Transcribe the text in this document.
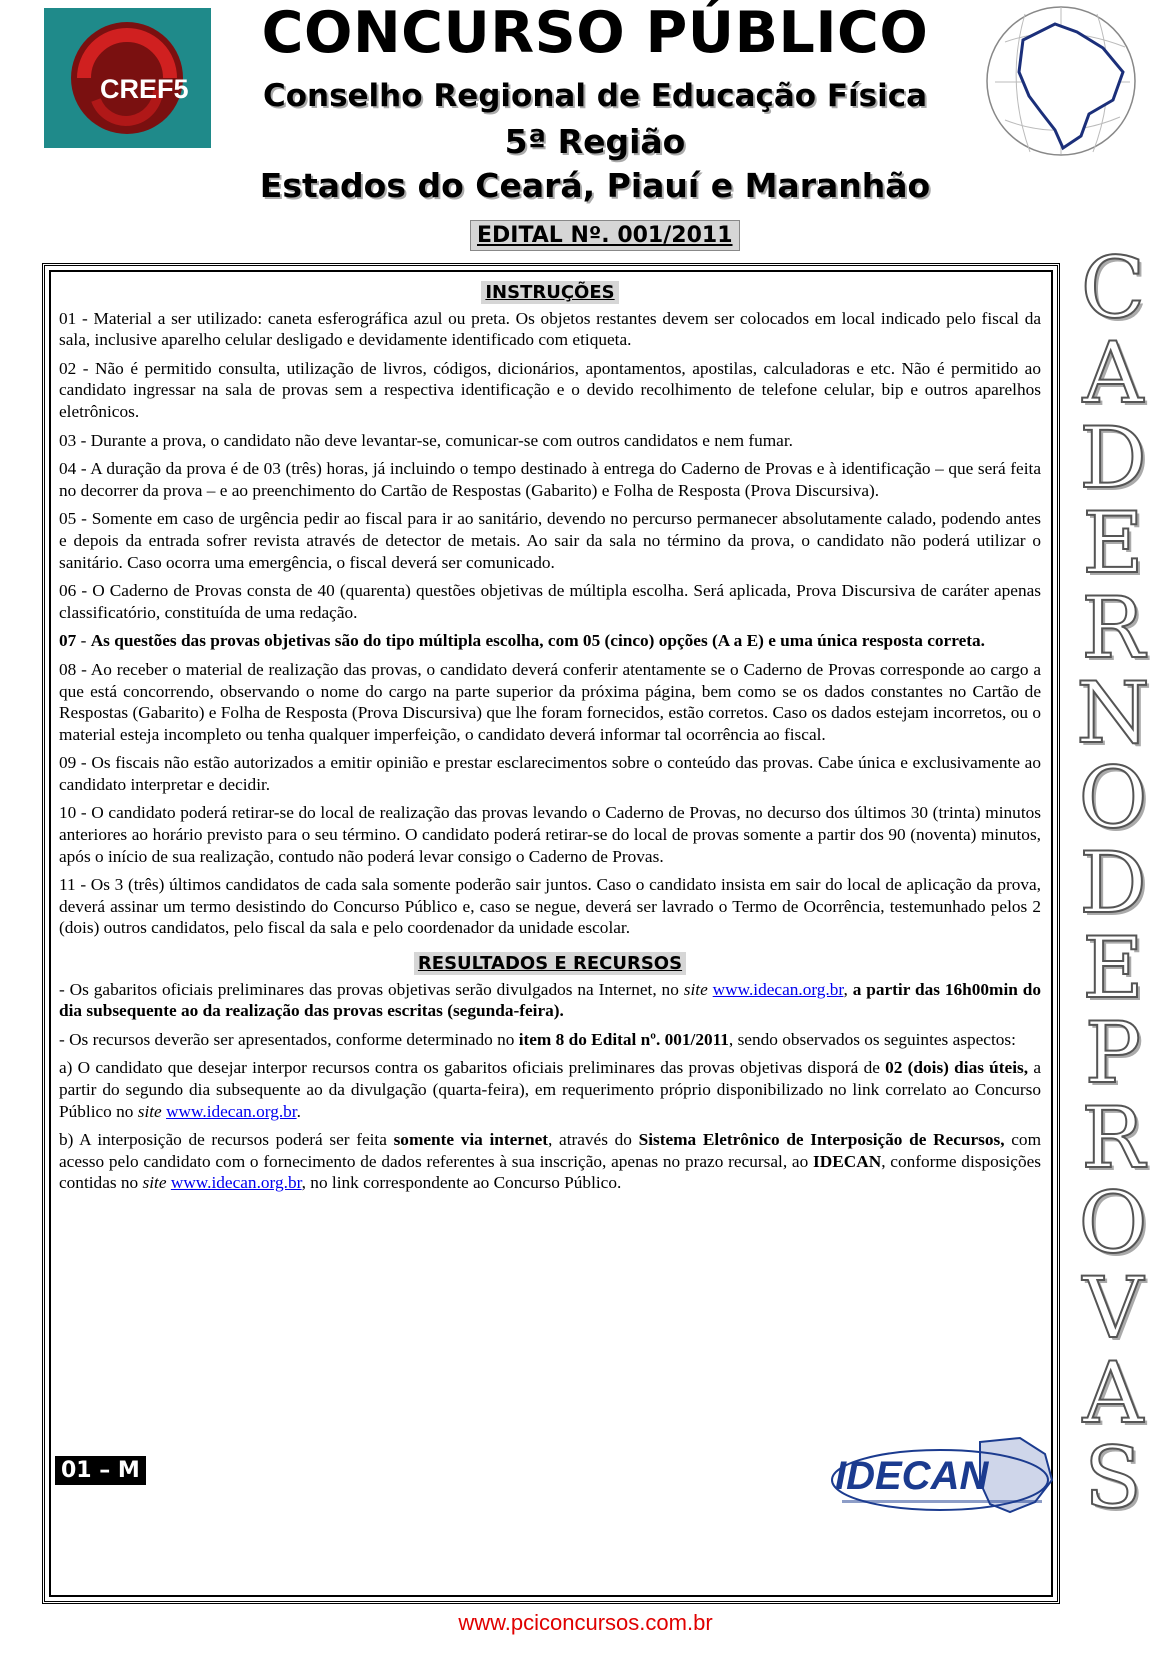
CREF5
CONCURSO PÚBLICO
Conselho Regional de Educação Física
5ª Região
Estados do Ceará, Piauí e Maranhão
EDITAL Nº. 001/2011
INSTRUÇÕES

01 - Material a ser utilizado: caneta esferográfica azul ou preta. Os objetos restantes devem ser colocados em local indicado pelo fiscal da sala, inclusive aparelho celular desligado e devidamente identificado com etiqueta.

02 - Não é permitido consulta, utilização de livros, códigos, dicionários, apontamentos, apostilas, calculadoras e etc. Não é permitido ao candidato ingressar na sala de provas sem a respectiva identificação e o devido recolhimento de telefone celular, bip e outros aparelhos eletrônicos.

03 - Durante a prova, o candidato não deve levantar-se, comunicar-se com outros candidatos e nem fumar.

04 - A duração da prova é de 03 (três) horas, já incluindo o tempo destinado à entrega do Caderno de Provas e à identificação – que será feita no decorrer da prova – e ao preenchimento do Cartão de Respostas (Gabarito) e Folha de Resposta (Prova Discursiva).

05 - Somente em caso de urgência pedir ao fiscal para ir ao sanitário, devendo no percurso permanecer absolutamente calado, podendo antes e depois da entrada sofrer revista através de detector de metais. Ao sair da sala no término da prova, o candidato não poderá utilizar o sanitário. Caso ocorra uma emergência, o fiscal deverá ser comunicado.

06 - O Caderno de Provas consta de 40 (quarenta) questões objetivas de múltipla escolha. Será aplicada, Prova Discursiva de caráter apenas classificatório, constituída de uma redação.

07 - As questões das provas objetivas são do tipo múltipla escolha, com 05 (cinco) opções (A a E) e uma única resposta correta.

08 - Ao receber o material de realização das provas, o candidato deverá conferir atentamente se o Caderno de Provas corresponde ao cargo a que está concorrendo, observando o nome do cargo na parte superior da próxima página, bem como se os dados constantes no Cartão de Respostas (Gabarito) e Folha de Resposta (Prova Discursiva) que lhe foram fornecidos, estão corretos. Caso os dados estejam incorretos, ou o material esteja incompleto ou tenha qualquer imperfeição, o candidato deverá informar tal ocorrência ao fiscal.

09 - Os fiscais não estão autorizados a emitir opinião e prestar esclarecimentos sobre o conteúdo das provas. Cabe única e exclusivamente ao candidato interpretar e decidir.

10 - O candidato poderá retirar-se do local de realização das provas levando o Caderno de Provas, no decurso dos últimos 30 (trinta) minutos anteriores ao horário previsto para o seu término. O candidato poderá retirar-se do local de provas somente a partir dos 90 (noventa) minutos, após o início de sua realização, contudo não poderá levar consigo o Caderno de Provas.

11 - Os 3 (três) últimos candidatos de cada sala somente poderão sair juntos. Caso o candidato insista em sair do local de aplicação da prova, deverá assinar um termo desistindo do Concurso Público e, caso se negue, deverá ser lavrado o Termo de Ocorrência, testemunhado pelos 2 (dois) outros candidatos, pelo fiscal da sala e pelo coordenador da unidade escolar.

RESULTADOS E RECURSOS

- Os gabaritos oficiais preliminares das provas objetivas serão divulgados na Internet, no site www.idecan.org.br, a partir das 16h00min do dia subsequente ao da realização das provas escritas (segunda-feira).

- Os recursos deverão ser apresentados, conforme determinado no item 8 do Edital nº. 001/2011, sendo observados os seguintes aspectos:

a) O candidato que desejar interpor recursos contra os gabaritos oficiais preliminares das provas objetivas disporá de 02 (dois) dias úteis, a partir do segundo dia subsequente ao da divulgação (quarta-feira), em requerimento próprio disponibilizado no link correlato ao Concurso Público no site www.idecan.org.br.

b) A interposição de recursos poderá ser feita somente via internet, através do Sistema Eletrônico de Interposição de Recursos, com acesso pelo candidato com o fornecimento de dados referentes à sua inscrição, apenas no prazo recursal, ao IDECAN, conforme disposições contidas no site www.idecan.org.br, no link correspondente ao Concurso Público.

01 – M	IDECAN
C
A
D
E
R
N
O
D
E
P
R
O
V
A
S
www.pciconcursos.com.br
